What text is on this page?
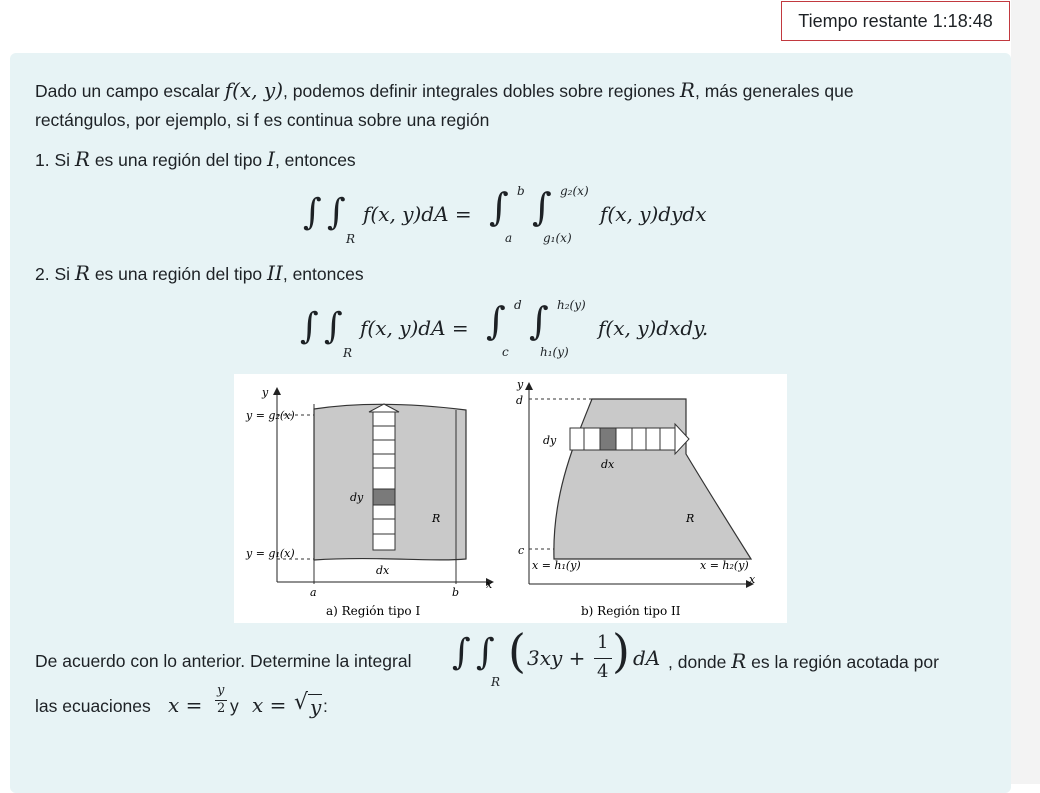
Tiempo restante 1:18:48
Dado un campo escalar f(x, y), podemos definir integrales dobles sobre regiones R, más generales que
rectángulos, por ejemplo, si f es continua sobre una región
1. Si R es una región del tipo I, entonces
∫ ∫
R
f(x, y)dA = ∫ b
a
∫ g₂(x)
g₁(x)
f(x, y)dydx
2. Si R es una región del tipo II, entonces
∫ ∫
R
f(x, y)dA = ∫ d
c
∫ h₂(y)
h₁(y)
f(x, y)dxdy.
y
x
y = g₂(x)
y = g₁(x)
dy
dx
R
a	b
a) Región tipo I
y
x
d
c
dy
dx
R
x = h₁(y)	x = h₂(y)
b) Región tipo II
De acuerdo con lo anterior. Determine la integral ∫ ∫
R
( 3xy +
1
4 ) dA , donde R es la región acotada por
las ecuaciones x =
y
2 y x = √ y :
